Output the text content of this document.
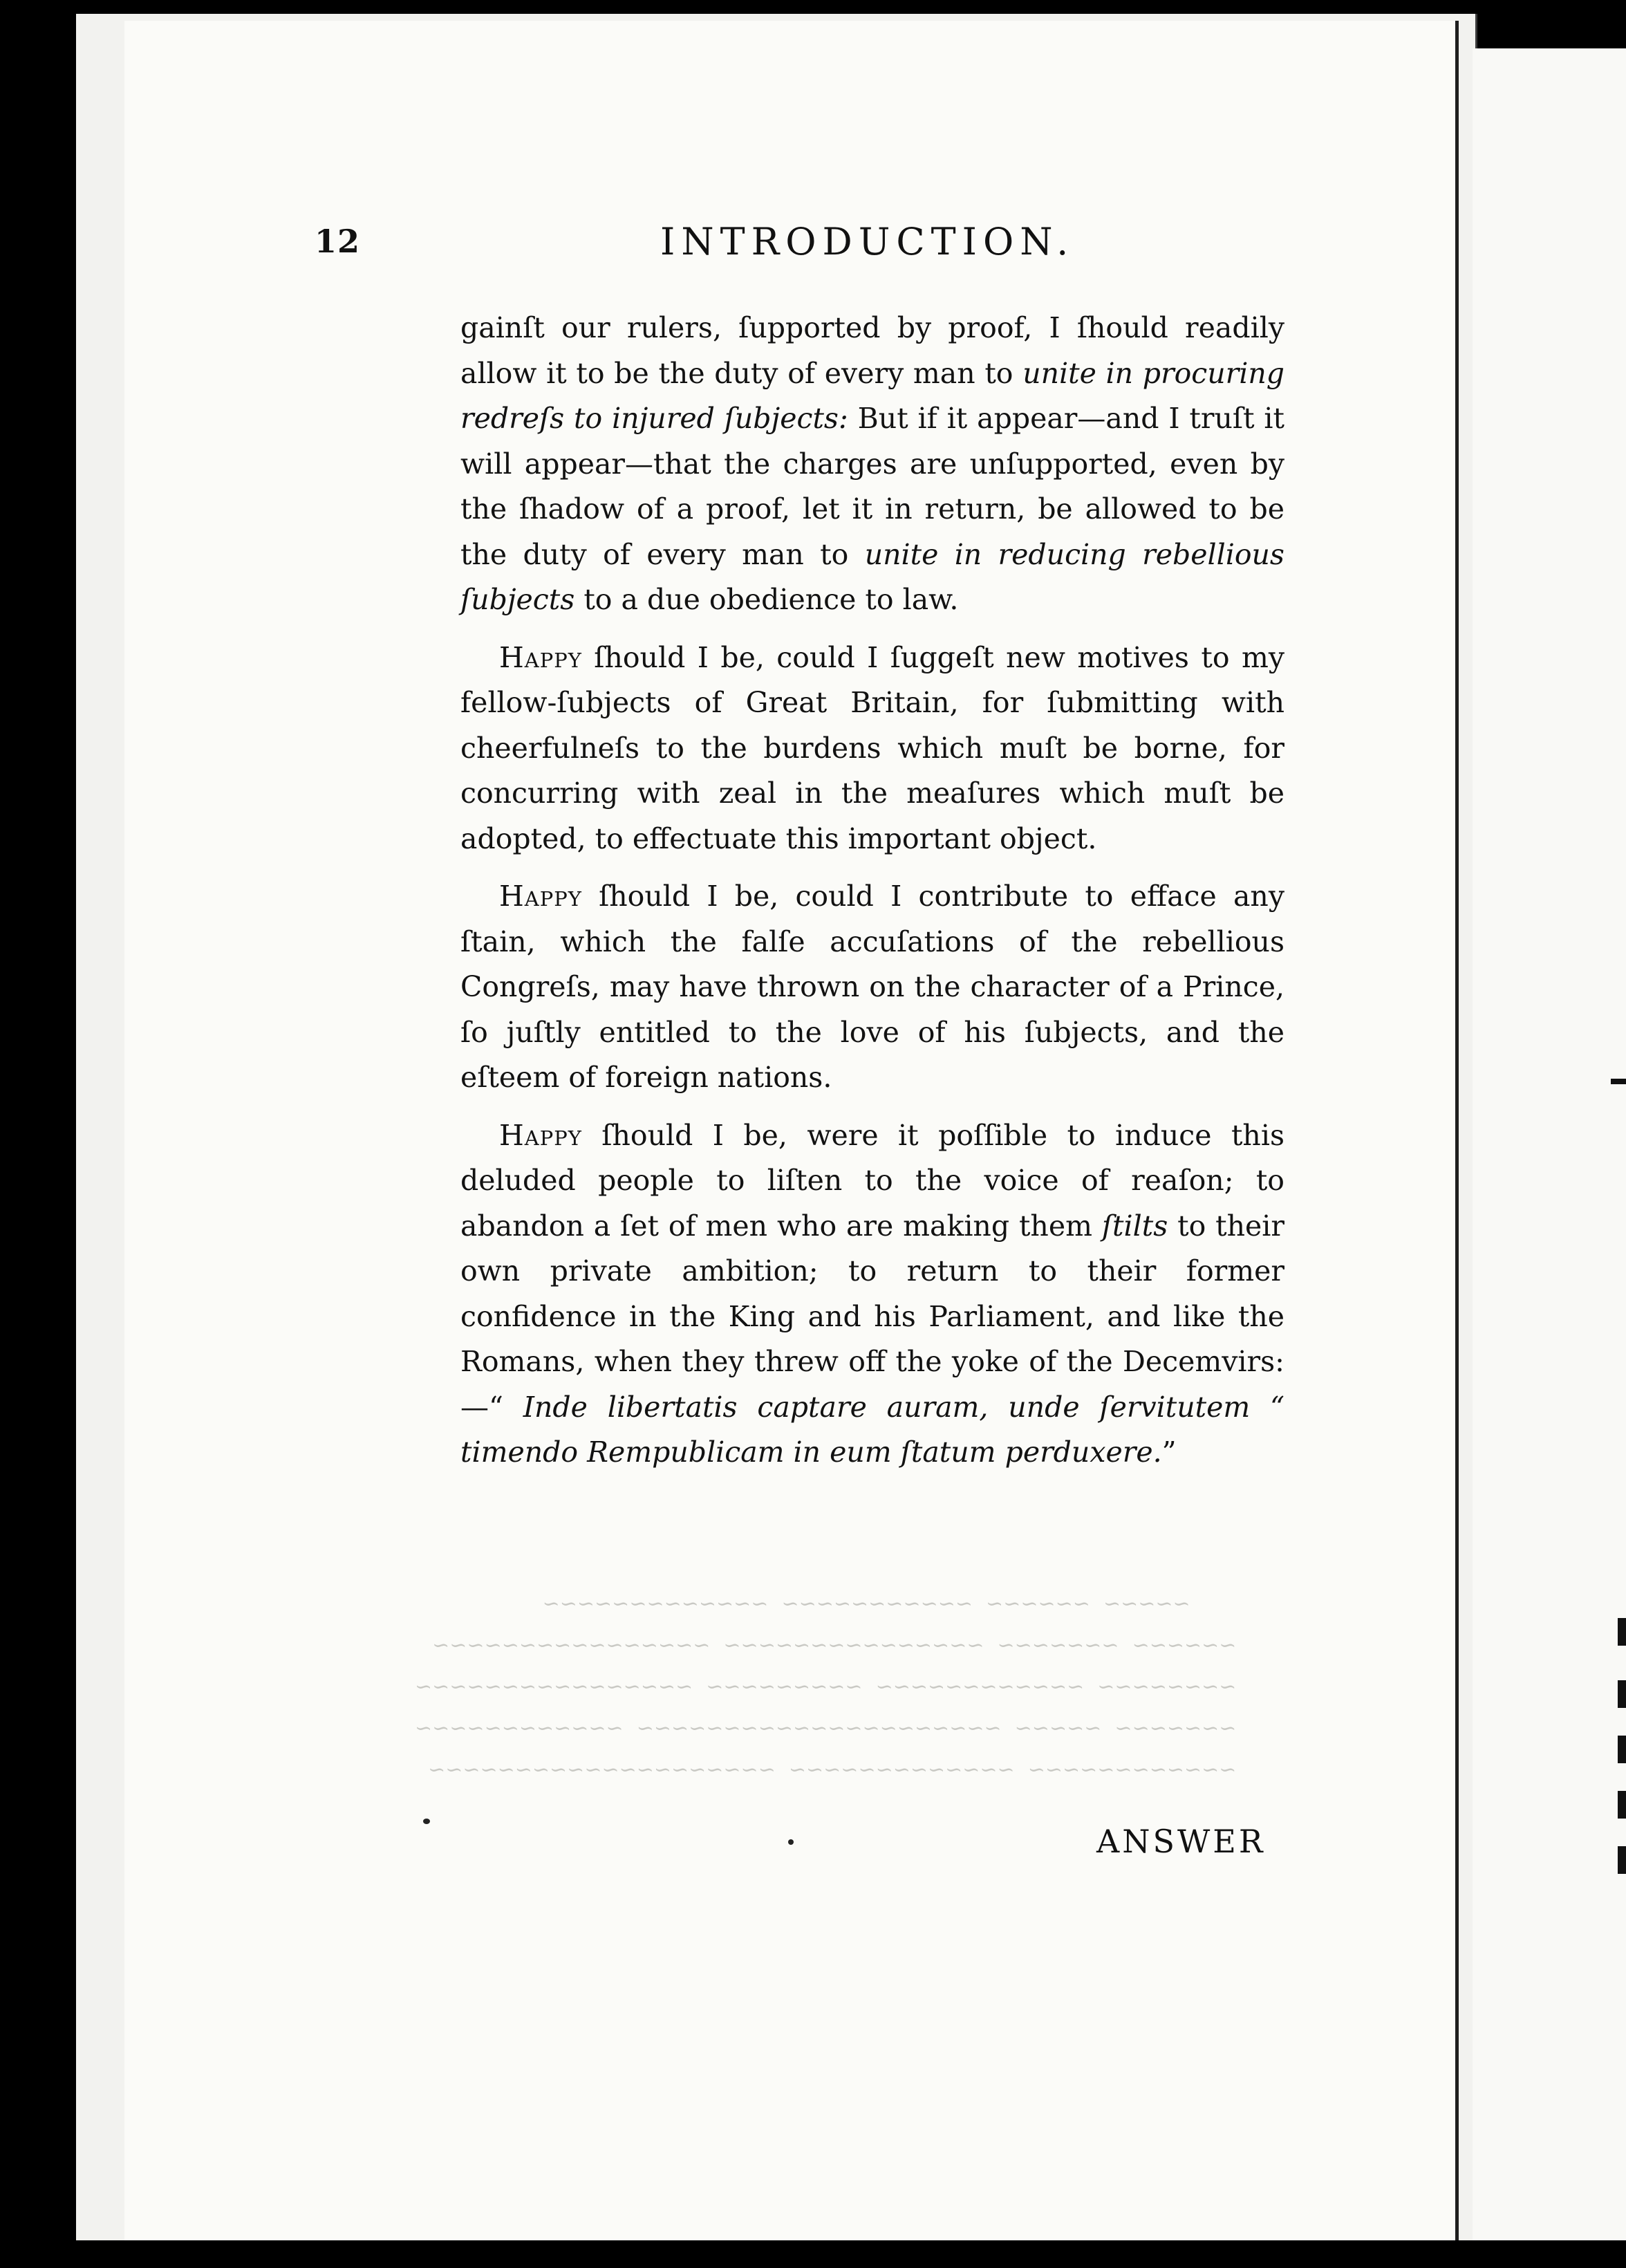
~~~~~  ~~~~~~  ~~~~~~~~~~~  ~~~~~~~~~~~~~
~~~~~~  ~~~~~~~  ~~~~~~~~~~~~~~~  ~~~~~~~~~~~~~~~~
~~~~~~~~  ~~~~~~~~~~~~  ~~~~~~~~~  ~~~~~~~~~~~~~~~~
~~~~~~~  ~~~~~  ~~~~~~~~~~~~~~~~~~~~~  ~~~~~~~~~~~~
~~~~~~~~~~~~  ~~~~~~~~~~~~~  ~~~~~~~~~~~~~~~~~~~~
12	INTRODUCTION.

gainſt our rulers, ſupported by proof, I ſhould readily allow it to be the duty of every man to unite in procuring redreſs to injured ſubjects: But if it appear—and I truſt it will appear—that the charges are unſupported, even by the ſhadow of a proof, let it in return, be allowed to be the duty of every man to unite in reducing rebellious ſubjects to a due obedience to law.

Happy ſhould I be, could I ſuggeſt new motives to my fellow-ſubjects of Great Britain, for ſubmitting with cheerfulneſs to the burdens which muſt be borne, for concurring with zeal in the meaſures which muſt be adopted, to effectuate this important object.

Happy ſhould I be, could I contribute to efface any ſtain, which the falſe accuſations of the rebellious Congreſs, may have thrown on the character of a Prince, ſo juſtly entitled to the love of his ſubjects, and the eſteem of foreign nations.

Happy ſhould I be, were it poſſible to induce this deluded people to liſten to the voice of reaſon; to abandon a ſet of men who are making them ſtilts to their own private ambition; to return to their former confidence in the King and his Parliament, and like the Romans, when they threw off the yoke of the Decemvirs:—“ Inde libertatis captare auram, unde ſervitutem “ timendo Rempublicam in eum ſtatum perduxere.”

ANSWER
